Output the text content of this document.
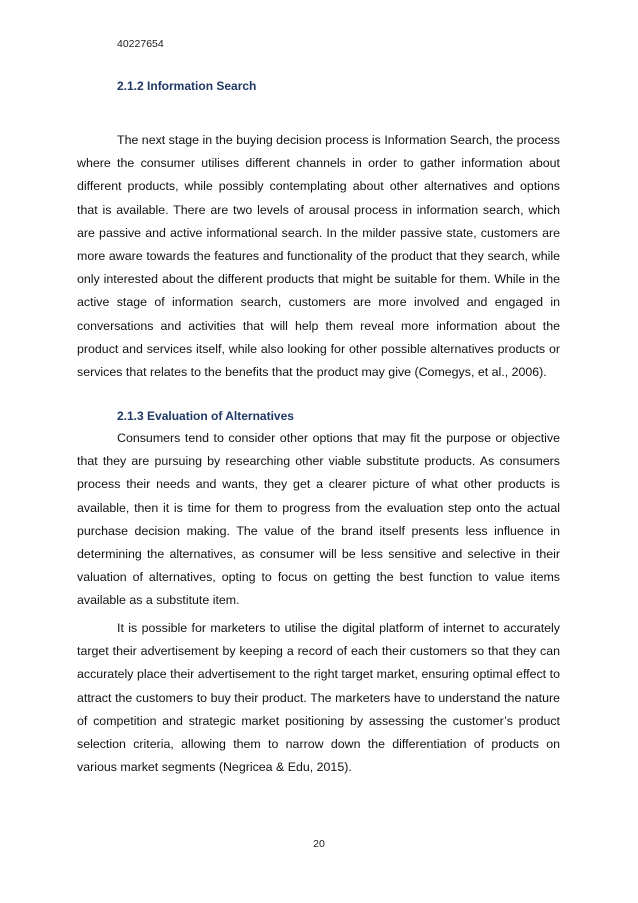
40227654
2.1.2 Information Search

The next stage in the buying decision process is Information Search, the process where the consumer utilises different channels in order to gather information about different products, while possibly contemplating about other alternatives and options that is available. There are two levels of arousal process in information search, which are passive and active informational search. In the milder passive state, customers are more aware towards the features and functionality of the product that they search, while only interested about the different products that might be suitable for them. While in the active stage of information search, customers are more involved and engaged in conversations and activities that will help them reveal more information about the product and services itself, while also looking for other possible alternatives products or services that relates to the benefits that the product may give (Comegys, et al., 2006).

2.1.3 Evaluation of Alternatives

Consumers tend to consider other options that may fit the purpose or objective that they are pursuing by researching other viable substitute products. As consumers process their needs and wants, they get a clearer picture of what other products is available, then it is time for them to progress from the evaluation step onto the actual purchase decision making. The value of the brand itself presents less influence in determining the alternatives, as consumer will be less sensitive and selective in their valuation of alternatives, opting to focus on getting the best function to value items available as a substitute item.

It is possible for marketers to utilise the digital platform of internet to accurately target their advertisement by keeping a record of each their customers so that they can accurately place their advertisement to the right target market, ensuring optimal effect to attract the customers to buy their product. The marketers have to understand the nature of competition and strategic market positioning by assessing the customer’s product selection criteria, allowing them to narrow down the differentiation of products on various market segments (Negricea & Edu, 2015).

20
